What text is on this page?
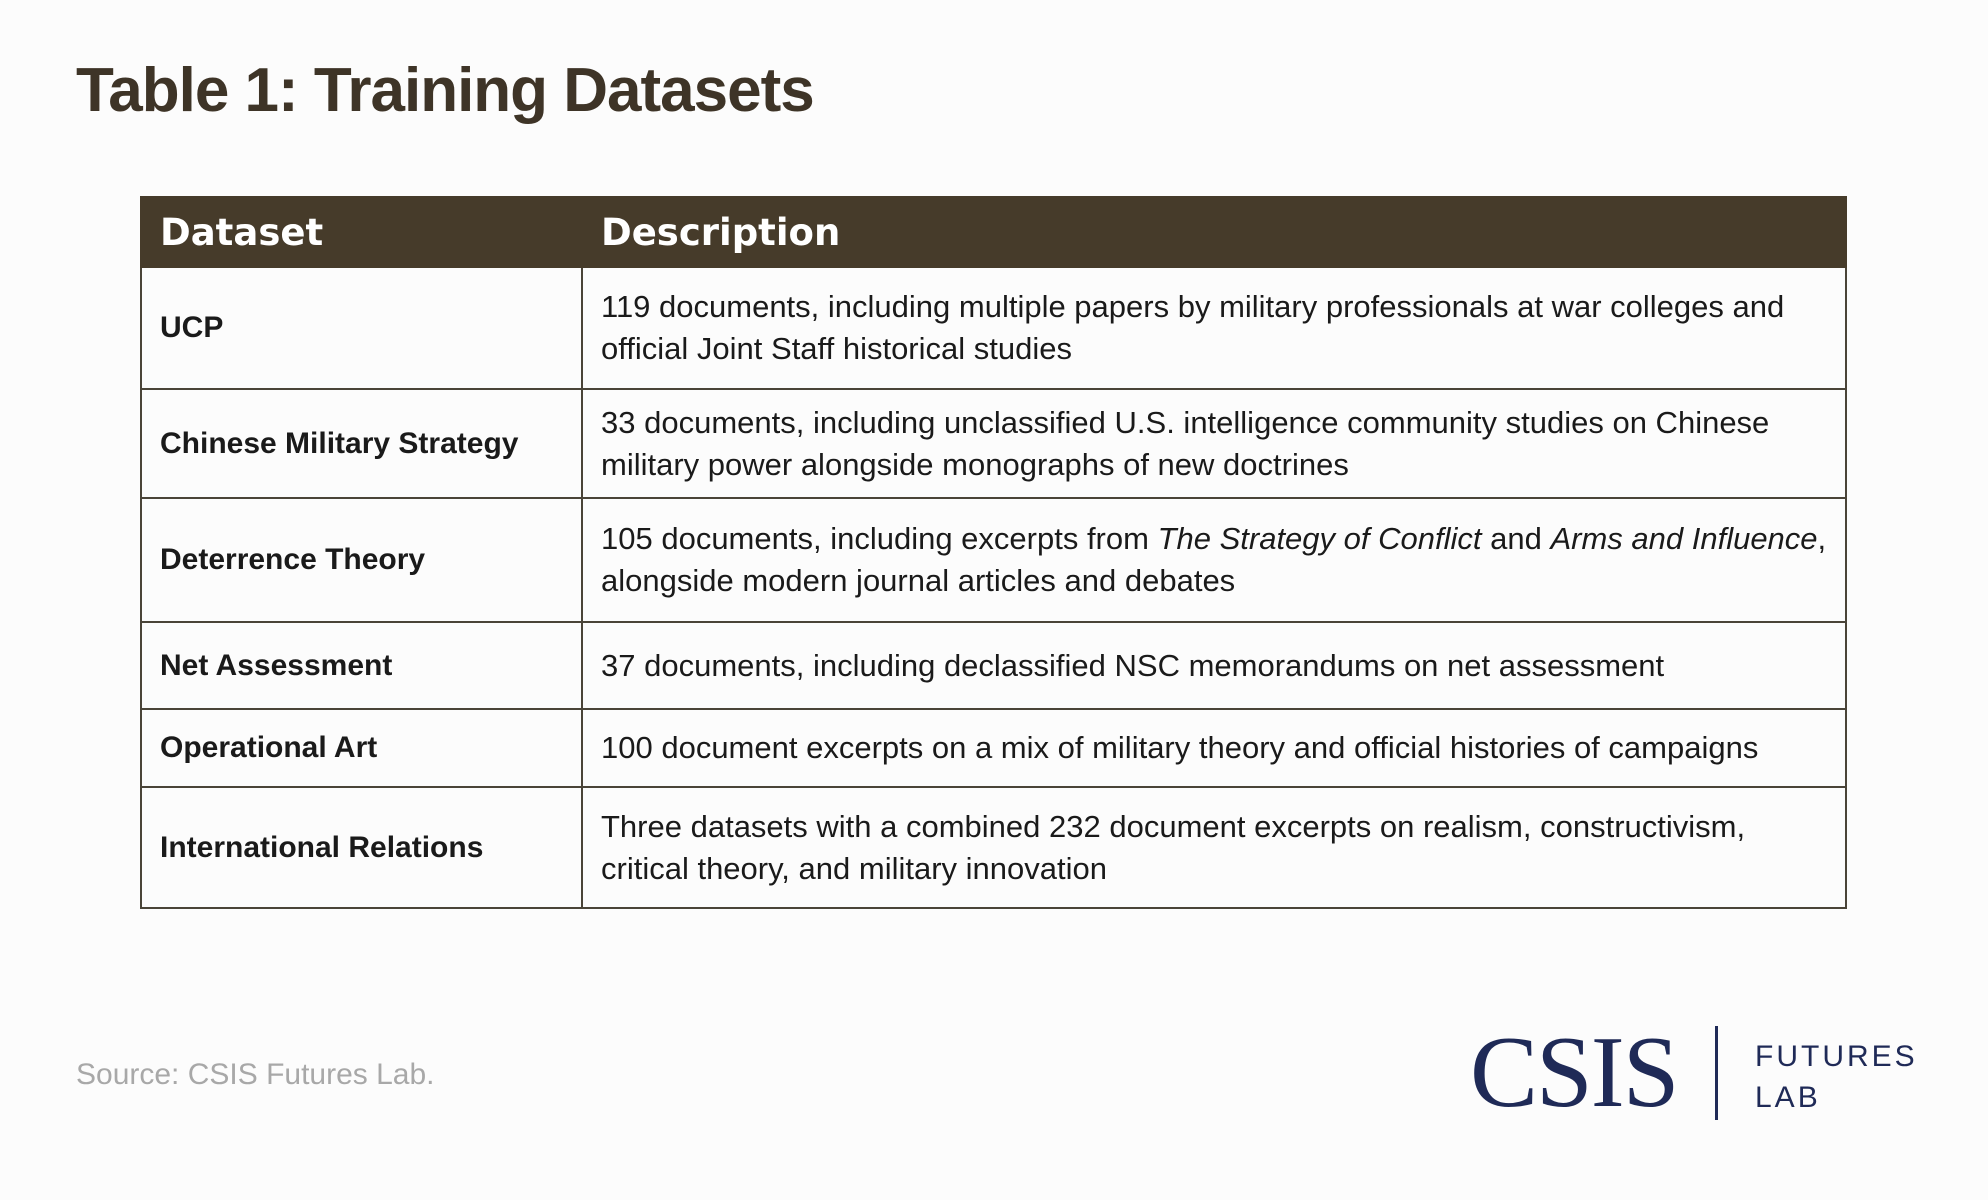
Table 1: Training Datasets
Dataset	Description
UCP	119 documents, including multiple papers by military professionals at war colleges and official Joint Staff historical studies
Chinese Military Strategy	33 documents, including unclassified U.S. intelligence community studies on Chinese military power alongside monographs of new doctrines
Deterrence Theory	105 documents, including excerpts from The Strategy of Conflict and Arms and Influence, alongside modern journal articles and debates
Net Assessment	37 documents, including declassified NSC memorandums on net assessment
Operational Art	100 document excerpts on a mix of military theory and official histories of campaigns
International Relations	Three datasets with a combined 232 document excerpts on realism, constructivism, critical theory, and military innovation
Source: CSIS Futures Lab.	CSIS	FUTURES
LAB
